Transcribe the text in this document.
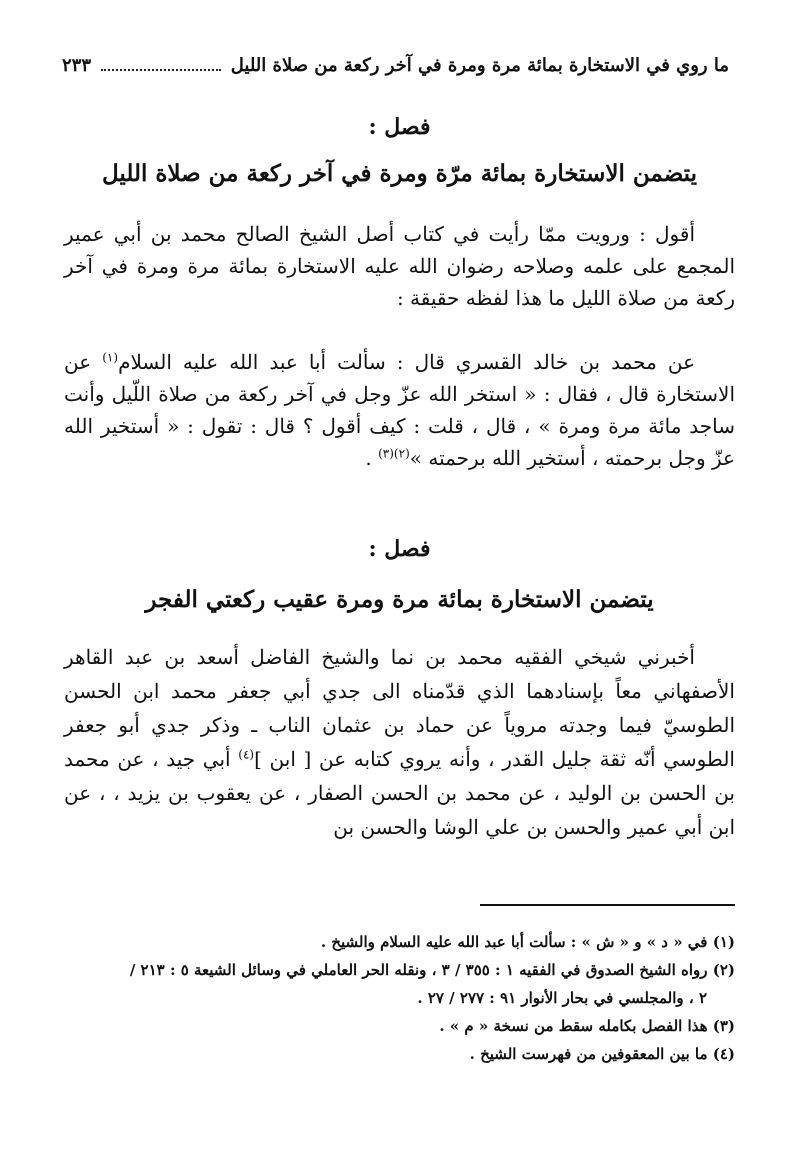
ما روي في الاستخارة بمائة مرة ومرة في آخر ركعة من صلاة الليل
٢٣٣
فصل :
يتضمن الاستخارة بمائة مرّة ومرة في آخر ركعة من صلاة الليل

أقول : ورويت ممّا رأيت في كتاب أصل الشيخ الصالح محمد بن أبي عمير المجمع على علمه وصلاحه رضوان الله عليه الاستخارة بمائة مرة ومرة في آخر ركعة من صلاة الليل ما هذا لفظه حقيقة :

عن محمد بن خالد القسري قال : سألت أبا عبد الله عليه السلام$^{(١)}$ عن الاستخارة قال ، فقال : « استخر الله عزّ وجل في آخر ركعة من صلاة اللّيل وأنت ساجد مائة مرة ومرة » ، قال ، قلت : كيف أقول ؟ قال : تقول : « أستخير الله عزّ وجل برحمته ، أستخير الله برحمته »$^{(٢)(٣)}$ .

فصل :
يتضمن الاستخارة بمائة مرة ومرة عقيب ركعتي الفجر

أخبرني شيخي الفقيه محمد بن نما والشيخ الفاضل أسعد بن عبد القاهر الأصفهاني معاً بإسنادهما الذي قدّمناه الى جدي أبي جعفر محمد ابن الحسن الطوسيّ فيما وجدته مروياً عن حماد بن عثمان الناب ـ وذكر جدي أبو جعفر الطوسي أنّه ثقة جليل القدر ، وأنه يروي كتابه عن [ ابن ]$^{(٤)}$ أبي جيد ، عن محمد بن الحسن بن الوليد ، عن محمد بن الحسن الصفار ، عن يعقوب بن يزيد ، ، عن ابن أبي عمير والحسن بن علي الوشا والحسن بن

(١) في « د » و « ش » : سألت أبا عبد الله عليه السلام والشيخ .

(٢) رواه الشيخ الصدوق في الفقيه ١ : ٣٥٥ / ٣ ، ونقله الحر العاملي في وسائل الشيعة ٥ : ٢١٣ /

٢ ، والمجلسي في بحار الأنوار ٩١ : ٢٧٧ / ٢٧ .

(٣) هذا الفصل بكامله سقط من نسخة « م » .

(٤) ما بين المعقوفين من فهرست الشيخ .
